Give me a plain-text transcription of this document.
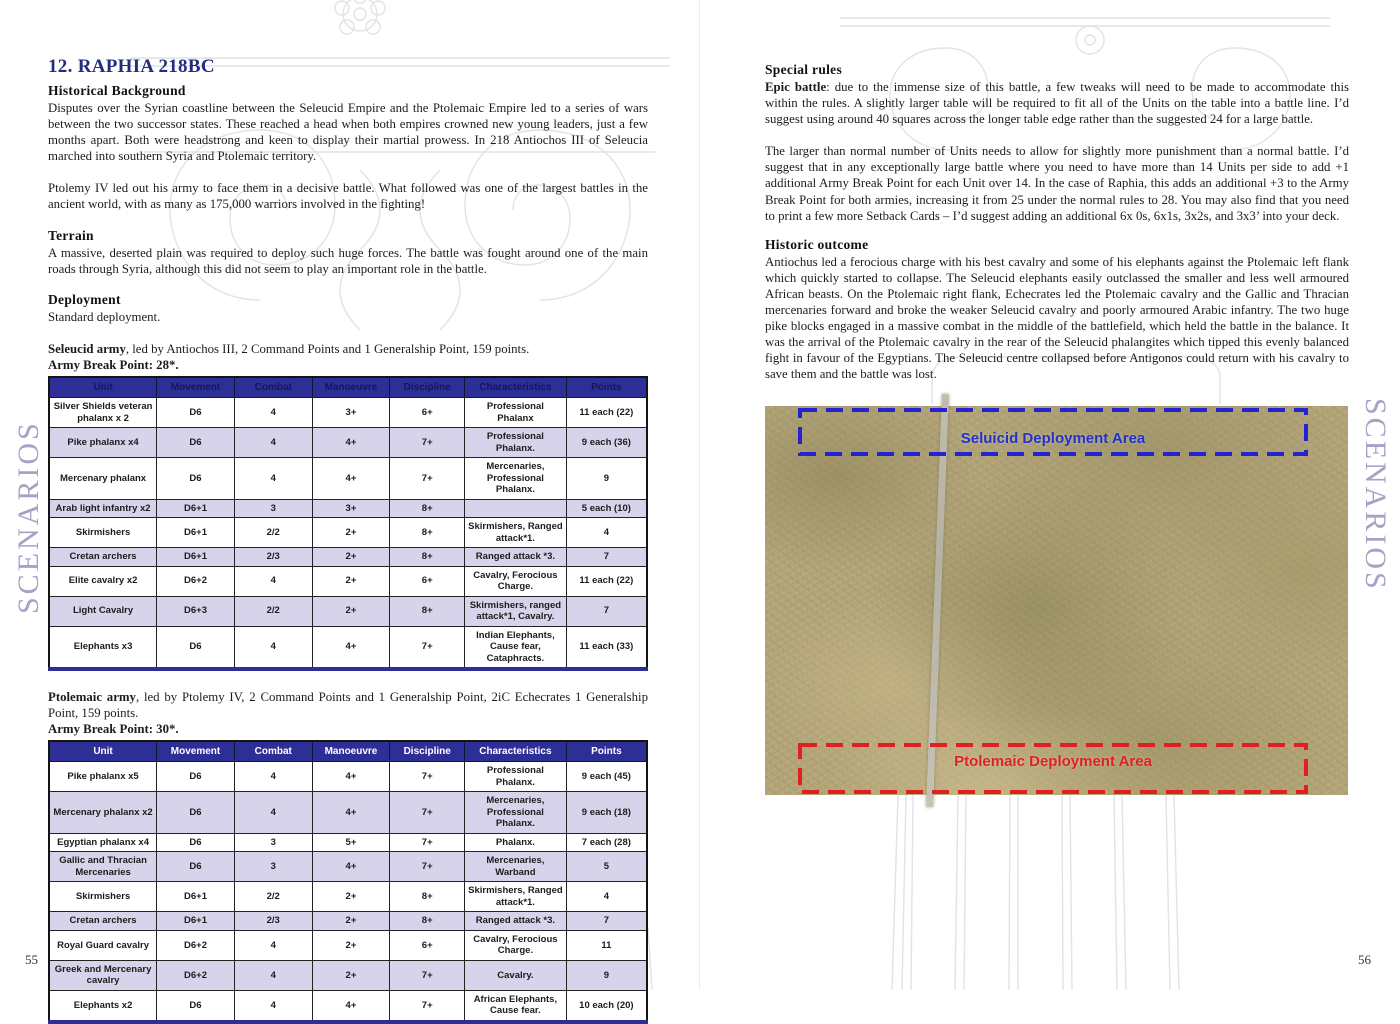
SCENARIOS	SCENARIOS
12. RAPHIA 218BC
Historical Background

Disputes over the Syrian coastline between the Seleucid Empire and the Ptolemaic Empire led to a series of wars between the two successor states. These reached a head when both empires crowned new young leaders, just a few months apart. Both were headstrong and keen to display their martial prowess. In 218 Antiochos III of Seleucia marched into southern Syria and Ptolemaic territory.

Ptolemy IV led out his army to face them in a decisive battle. What followed was one of the largest battles in the ancient world, with as many as 175,000 warriors involved in the fighting!

Terrain

A massive, deserted plain was required to deploy such huge forces. The battle was fought around one of the main roads through Syria, although this did not seem to play an important role in the battle.

Deployment

Standard deployment.

Seleucid army, led by Antiochos III, 2 Command Points and 1 Generalship Point, 159 points.

Army Break Point: 28*.
Unit	Movement	Combat	Manoeuvre	Discipline	Characteristics	Points
Silver Shields veteran phalanx x 2	D6	4	3+	6+	Professional Phalanx	11 each (22)
Pike phalanx x4	D6	4	4+	7+	Professional Phalanx.	9 each (36)
Mercenary phalanx	D6	4	4+	7+	Mercenaries, Professional Phalanx.	9
Arab light infantry x2	D6+1	3	3+	8+		5 each (10)
Skirmishers	D6+1	2/2	2+	8+	Skirmishers, Ranged attack*1.	4
Cretan archers	D6+1	2/3	2+	8+	Ranged attack *3.	7
Elite cavalry x2	D6+2	4	2+	6+	Cavalry, Ferocious Charge.	11 each (22)
Light Cavalry	D6+3	2/2	2+	8+	Skirmishers, ranged attack*1, Cavalry.	7
Elephants x3	D6	4	4+	7+	Indian Elephants, Cause fear, Cataphracts.	11 each (33)

Ptolemaic army, led by Ptolemy IV, 2 Command Points and 1 Generalship Point, 2iC Echecrates 1 Generalship Point, 159 points.

Army Break Point: 30*.
Unit	Movement	Combat	Manoeuvre	Discipline	Characteristics	Points
Pike phalanx x5	D6	4	4+	7+	Professional Phalanx.	9 each (45)
Mercenary phalanx x2	D6	4	4+	7+	Mercenaries, Professional Phalanx.	9 each (18)
Egyptian phalanx x4	D6	3	5+	7+	Phalanx.	7 each (28)
Gallic and Thracian Mercenaries	D6	3	4+	7+	Mercenaries, Warband	5
Skirmishers	D6+1	2/2	2+	8+	Skirmishers, Ranged attack*1.	4
Cretan archers	D6+1	2/3	2+	8+	Ranged attack *3.	7
Royal Guard cavalry	D6+2	4	2+	6+	Cavalry, Ferocious Charge.	11
Greek and Mercenary cavalry	D6+2	4	2+	7+	Cavalry.	9
Elephants x2	D6	4	4+	7+	African Elephants, Cause fear.	10 each (20)
Special rules

Epic battle: due to the immense size of this battle, a few tweaks will need to be made to accommodate this within the rules. A slightly larger table will be required to fit all of the Units on the table into a battle line. I’d suggest using around 40 squares across the longer table edge rather than the suggested 24 for a large battle.

The larger than normal number of Units needs to allow for slightly more punishment than a normal battle. I’d suggest that in any exceptionally large battle where you need to have more than 14 Units per side to add +1 additional Army Break Point for each Unit over 14. In the case of Raphia, this adds an additional +3 to the Army Break Point for both armies, increasing it from 25 under the normal rules to 28. You may also find that you need to print a few more Setback Cards – I’d suggest adding an additional 6x 0s, 6x1s, 3x2s, and 3x3’ into your deck.

Historic outcome

Antiochus led a ferocious charge with his best cavalry and some of his elephants against the Ptolemaic left flank which quickly started to collapse. The Seleucid elephants easily outclassed the smaller and less well armoured African beasts. On the Ptolemaic right flank, Echecrates led the Ptolemaic cavalry and the Gallic and Thracian mercenaries forward and broke the weaker Seleucid cavalry and poorly armoured Arabic infantry. The two huge pike blocks engaged in a massive combat in the middle of the battlefield, which held the battle in the balance. It was the arrival of the Ptolemaic cavalry in the rear of the Seleucid phalangites which tipped this evenly balanced fight in favour of the Egyptians. The Seleucid centre collapsed before Antigonos could return with his cavalry to save them and the battle was lost.

Seluicid Deployment Area
Ptolemaic Deployment Area
55	56
